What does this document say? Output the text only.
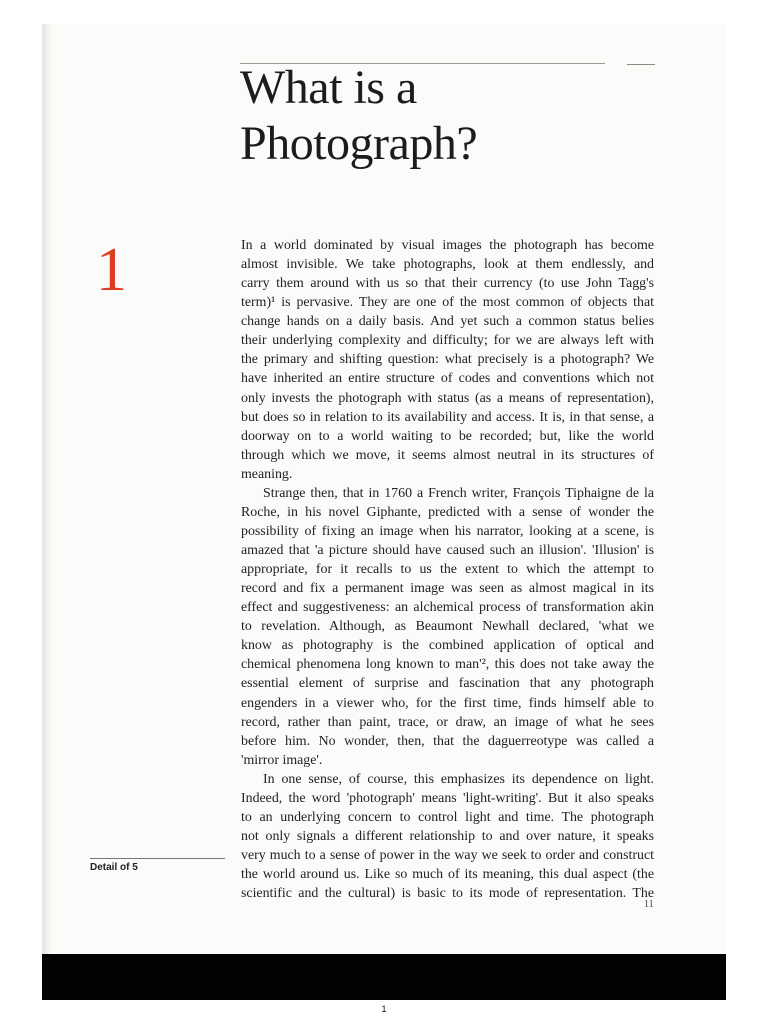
What is a
Photograph?
1	In a world dominated by visual images the photograph has become
almost invisible. We take photographs, look at them endlessly, and
carry them around with us so that their currency (to use John Tagg's
term)¹ is pervasive. They are one of the most common of objects that
change hands on a daily basis. And yet such a common status belies
their underlying complexity and difficulty; for we are always left with
the primary and shifting question: what precisely is a photograph? We
have inherited an entire structure of codes and conventions which not
only invests the photograph with status (as a means of representation),
but does so in relation to its availability and access. It is, in that sense, a
doorway on to a world waiting to be recorded; but, like the world
through which we move, it seems almost neutral in its structures of
meaning.
Strange then, that in 1760 a French writer, François Tiphaigne de la
Roche, in his novel Giphante, predicted with a sense of wonder the
possibility of fixing an image when his narrator, looking at a scene, is
amazed that 'a picture should have caused such an illusion'. 'Illusion' is
appropriate, for it recalls to us the extent to which the attempt to
record and fix a permanent image was seen as almost magical in its
effect and suggestiveness: an alchemical process of transformation akin
to revelation. Although, as Beaumont Newhall declared, 'what we
know as photography is the combined application of optical and
chemical phenomena long known to man'², this does not take away the
essential element of surprise and fascination that any photograph
engenders in a viewer who, for the first time, finds himself able to
record, rather than paint, trace, or draw, an image of what he sees
before him. No wonder, then, that the daguerreotype was called a
'mirror image'.
In one sense, of course, this emphasizes its dependence on light.
Indeed, the word 'photograph' means 'light-writing'. But it also speaks
to an underlying concern to control light and time. The photograph
not only signals a different relationship to and over nature, it speaks
very much to a sense of power in the way we seek to order and construct
the world around us. Like so much of its meaning, this dual aspect (the
scientific and the cultural) is basic to its mode of representation. The
Detail of 5
11
1
